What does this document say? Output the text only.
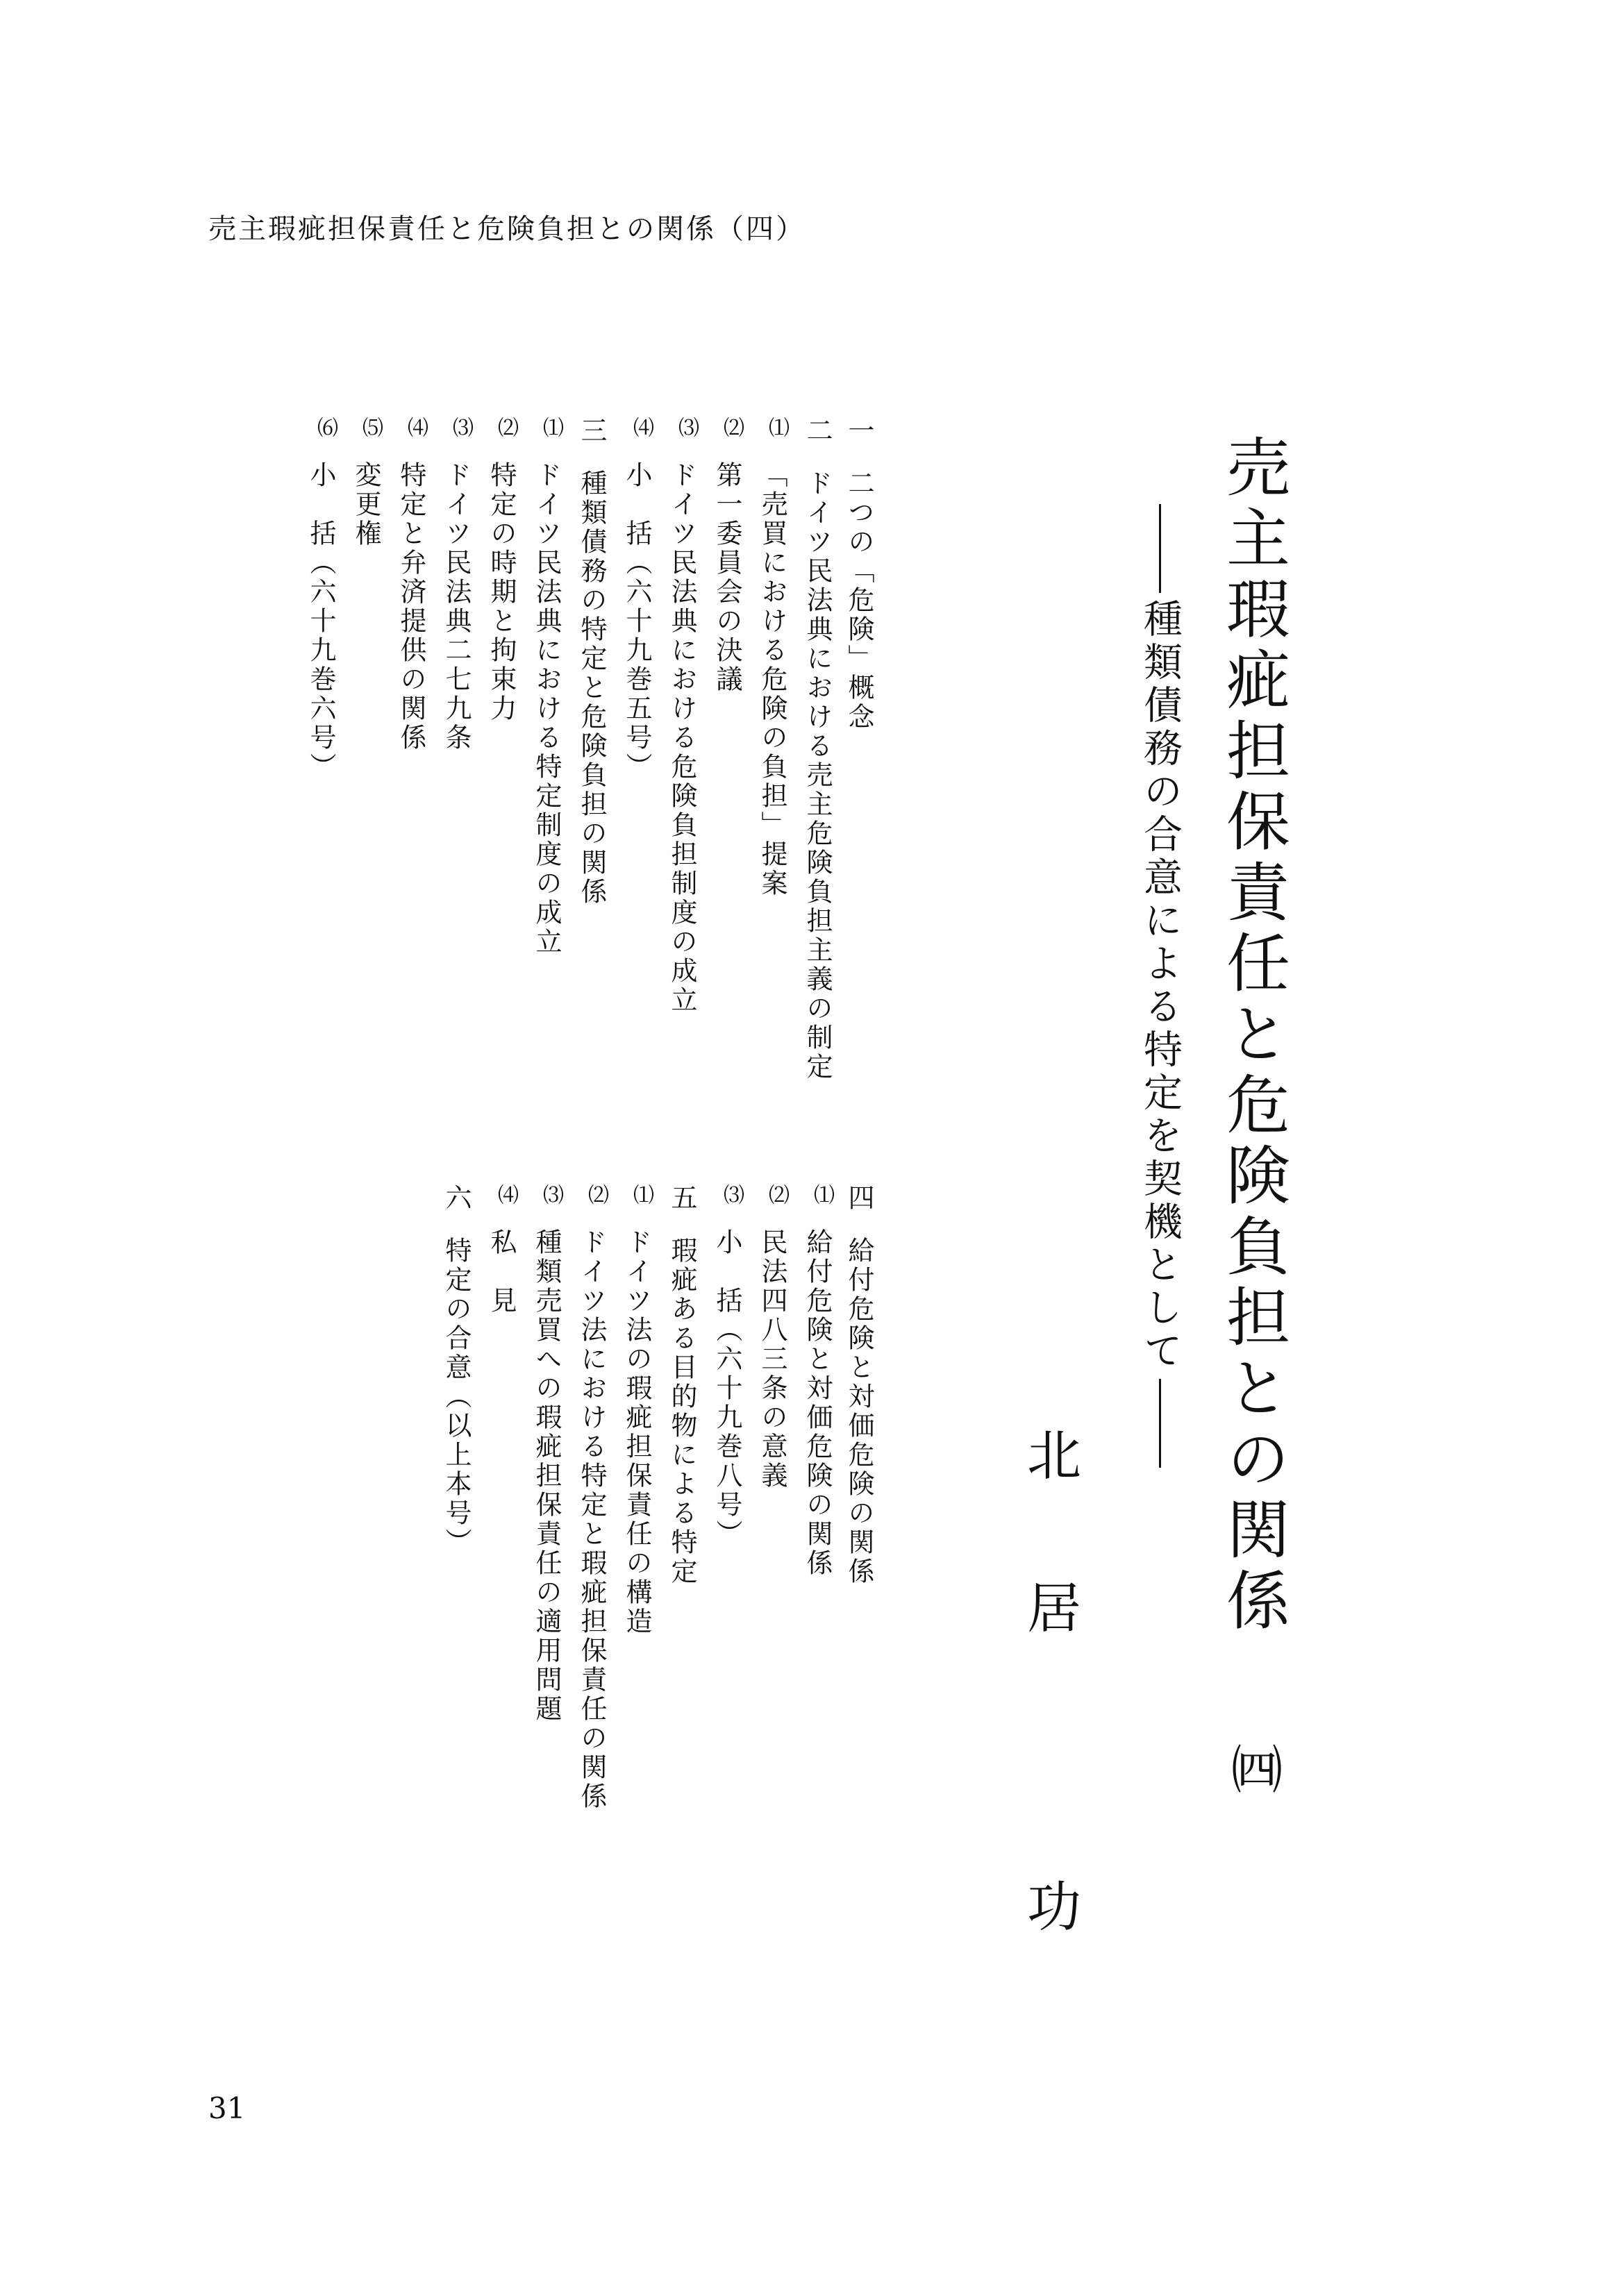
売主瑕疵担保責任と危険負担との関係（四）
売主瑕疵担保責任と危険負担との関係 ㈣
種類債務の合意による特定を契機として
北
居
功
一
二つの「危険」概念
二
ドイツ民法典における売主危険負担主義の制定
⑴
「売買における危険の負担」提案
⑵
第一委員会の決議
⑶
ドイツ民法典における危険負担制度の成立
⑷
小　括（六十九巻五号）
三
種類債務の特定と危険負担の関係
⑴
ドイツ民法典における特定制度の成立
⑵
特定の時期と拘束力
⑶
ドイツ民法典二七九条
⑷
特定と弁済提供の関係
⑸
変更権
⑹
小　括（六十九巻六号）
四
給付危険と対価危険の関係
⑴
給付危険と対価危険の関係
⑵
民法四八三条の意義
⑶
小　括（六十九巻八号）
五
瑕疵ある目的物による特定
⑴
ドイツ法の瑕疵担保責任の構造
⑵
ドイツ法における特定と瑕疵担保責任の関係
⑶
種類売買への瑕疵担保責任の適用問題
⑷
私　見
六
特定の合意（以上本号）
31
